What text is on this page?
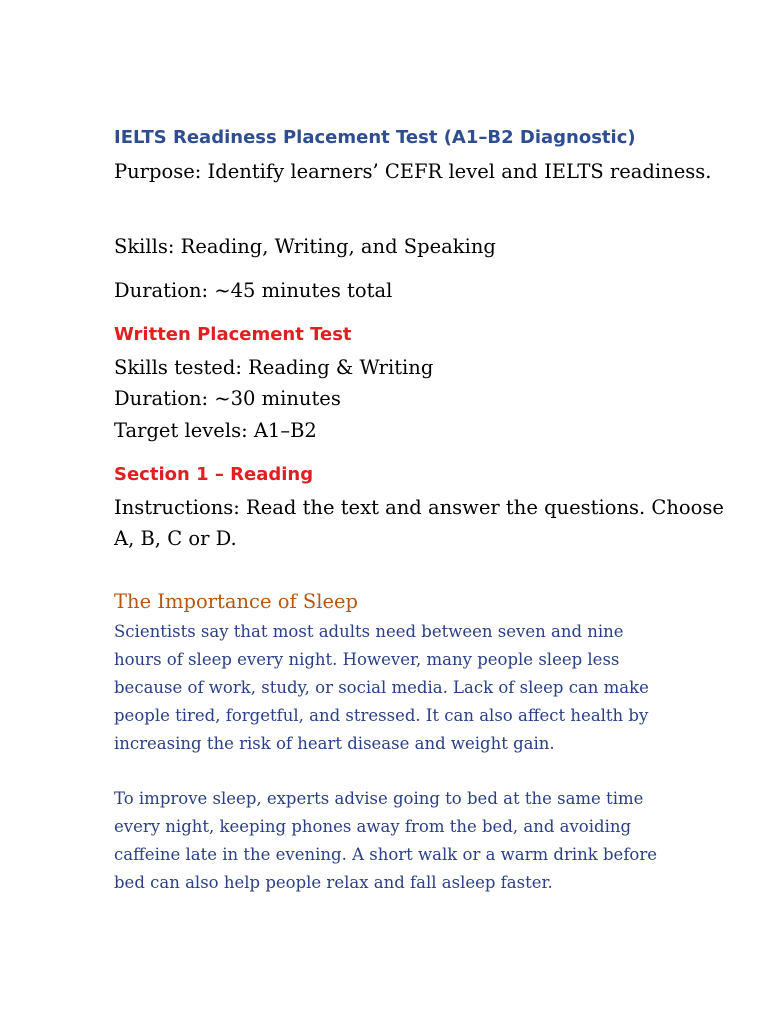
IELTS Readiness Placement Test (A1–B2 Diagnostic)

Purpose: Identify learners’ CEFR level and IELTS readiness.

Skills: Reading, Writing, and Speaking

Duration: ~45 minutes total

Written Placement Test

Skills tested: Reading & Writing

Duration: ~30 minutes

Target levels: A1–B2

Section 1 – Reading

Instructions: Read the text and answer the questions. Choose A, B, C or D.

The Importance of Sleep

Scientists say that most adults need between seven and nine hours of sleep every night. However, many people sleep less because of work, study, or social media. Lack of sleep can make people tired, forgetful, and stressed. It can also affect health by increasing the risk of heart disease and weight gain.

To improve sleep, experts advise going to bed at the same time every night, keeping phones away from the bed, and avoiding caffeine late in the evening. A short walk or a warm drink before bed can also help people relax and fall asleep faster.
